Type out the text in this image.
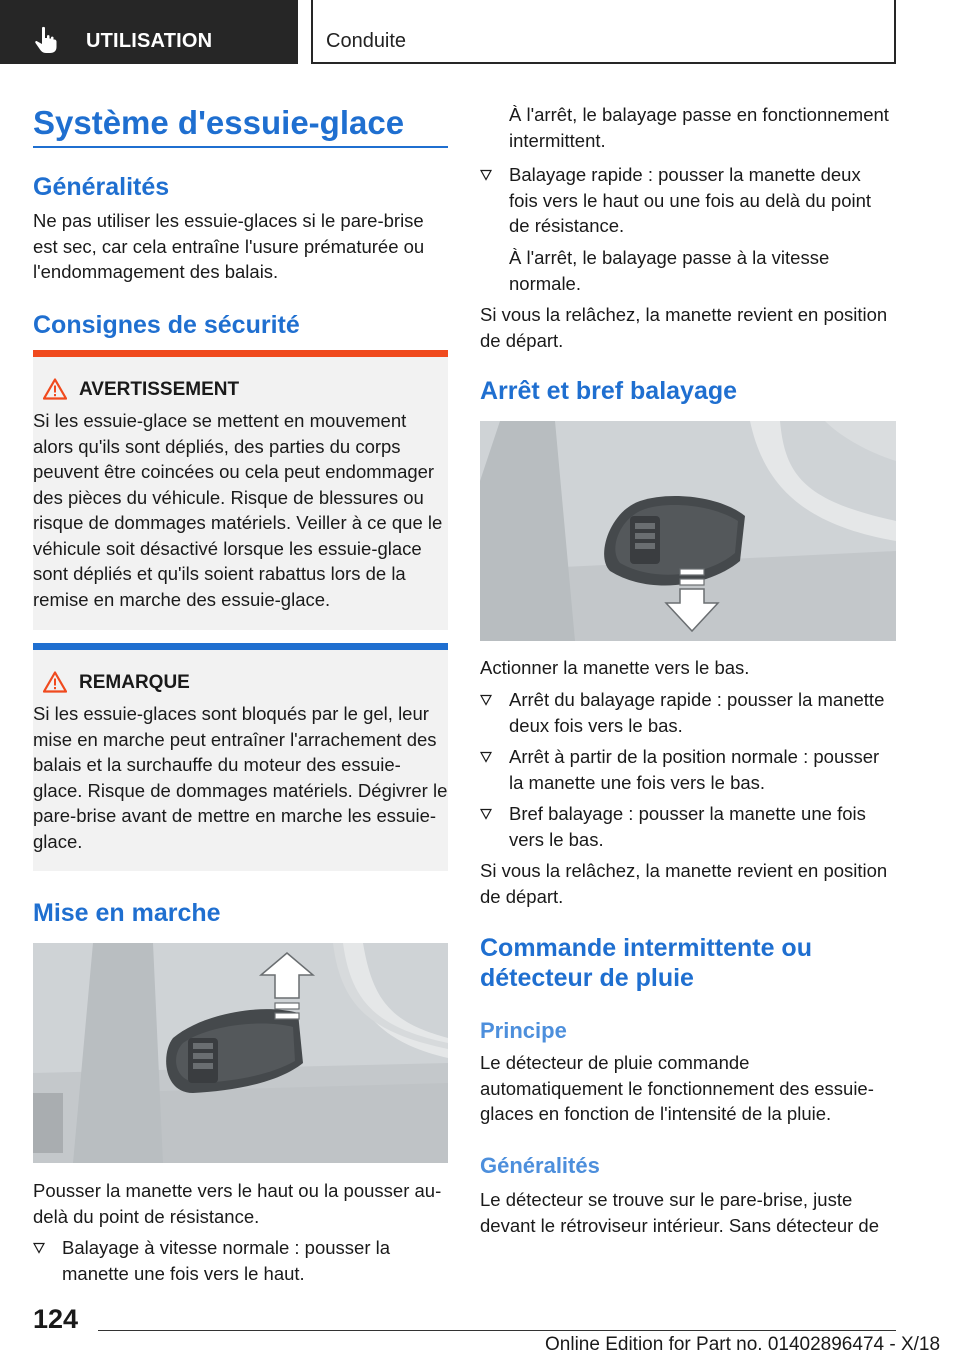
UTILISATION	Conduite
Système d'essuie-glace
Généralités
Ne pas utiliser les essuie-glaces si le pare-brise est sec, car cela entraîne l'usure prématurée ou l'endommagement des balais.
Consignes de sécurité
AVERTISSEMENT
Si les essuie-glace se mettent en mouvement alors qu'ils sont dépliés, des parties du corps peuvent être coincées ou cela peut endommager des pièces du véhicule. Risque de blessures ou risque de dommages matériels. Veiller à ce que le véhicule soit désactivé lorsque les essuie-glace sont dépliés et qu'ils soient rabattus lors de la remise en marche des essuie-glace.
REMARQUE
Si les essuie-glaces sont bloqués par le gel, leur mise en marche peut entraîner l'arrachement des balais et la surchauffe du moteur des essuie-glace. Risque de dommages matériels. Dégivrer le pare-brise avant de mettre en marche les essuie-glace.
Mise en marche
Pousser la manette vers le haut ou la pousser au-delà du point de résistance.
Balayage à vitesse normale : pousser la manette une fois vers le haut.
À l'arrêt, le balayage passe en fonctionnement intermittent.
Balayage rapide : pousser la manette deux fois vers le haut ou une fois au delà du point de résistance.
À l'arrêt, le balayage passe à la vitesse normale.
Si vous la relâchez, la manette revient en position de départ.
Arrêt et bref balayage
Actionner la manette vers le bas.
Arrêt du balayage rapide : pousser la manette deux fois vers le bas.
Arrêt à partir de la position normale : pousser la manette une fois vers le bas.
Bref balayage : pousser la manette une fois vers le bas.
Si vous la relâchez, la manette revient en position de départ.
Commande intermittente ou
détecteur de pluie
Principe
Le détecteur de pluie commande automatiquement le fonctionnement des essuie-glaces en fonction de l'intensité de la pluie.
Généralités
Le détecteur se trouve sur le pare-brise, juste devant le rétroviseur intérieur. Sans détecteur de
124
Online Edition for Part no. 01402896474 - X/18
